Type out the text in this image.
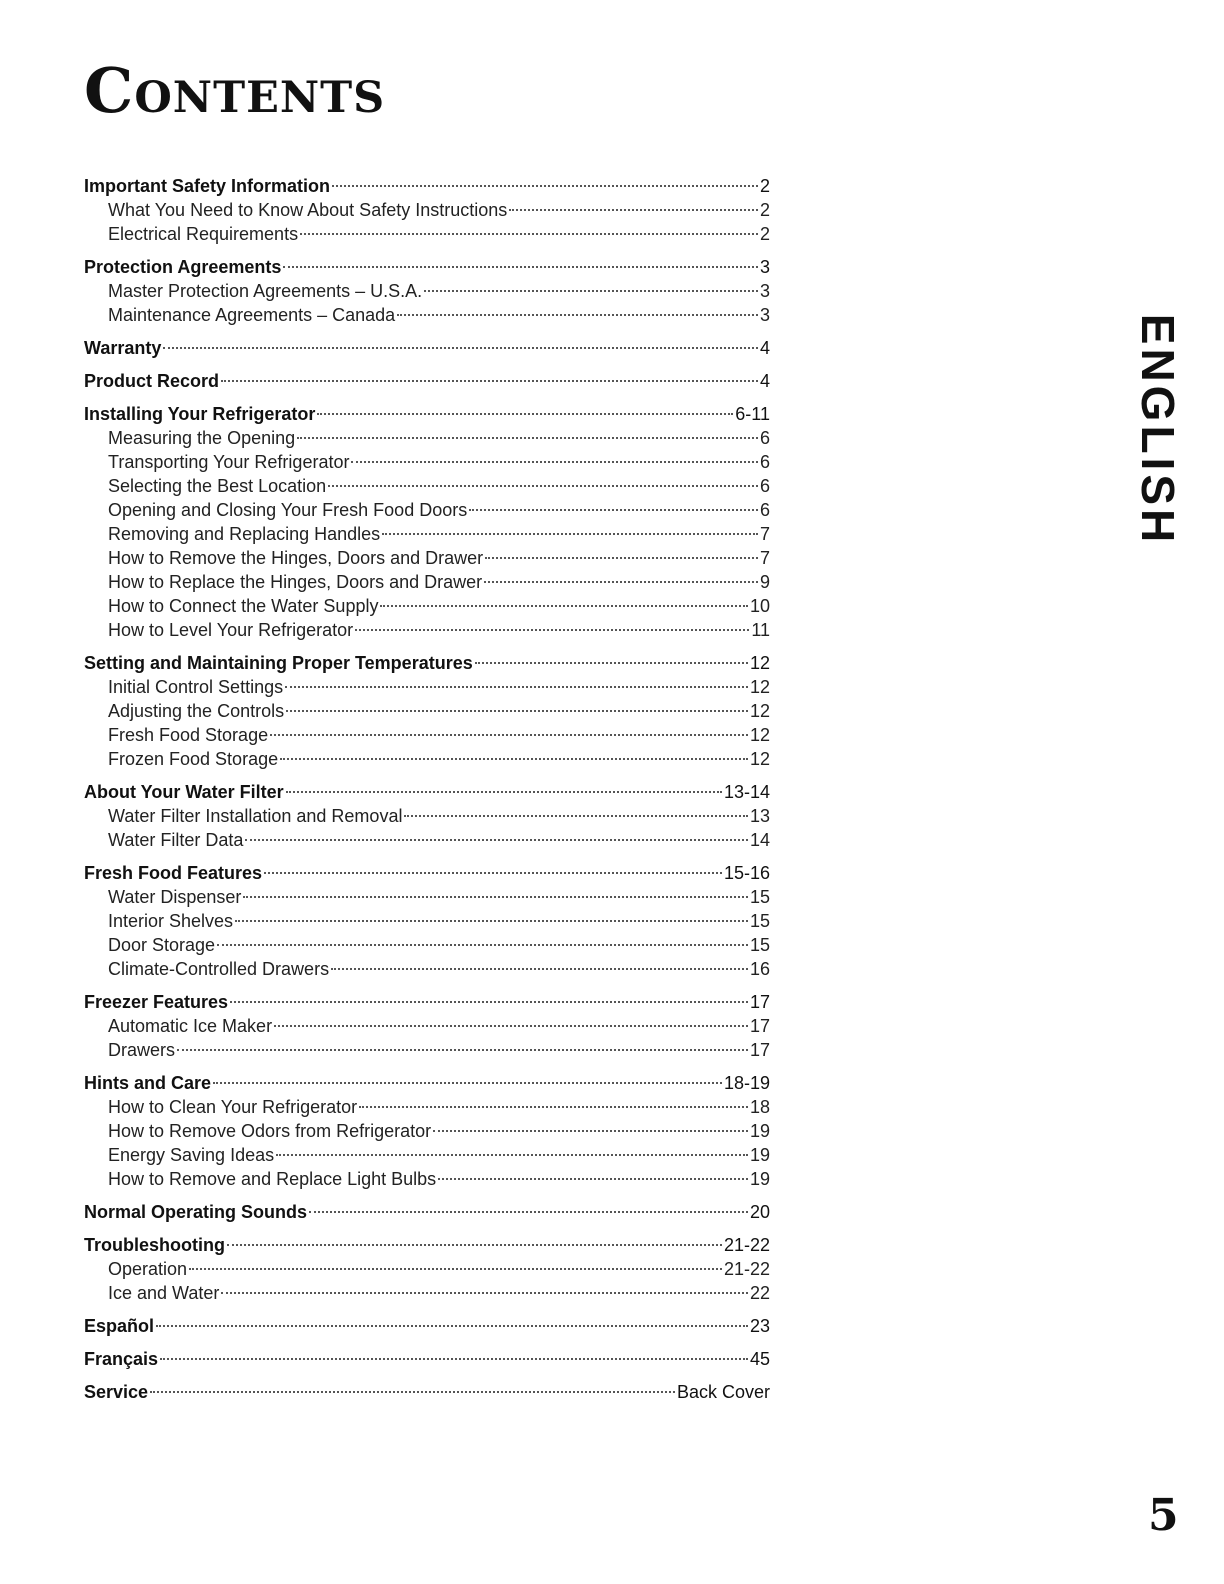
Contents
Important Safety Information	2
What You Need to Know About Safety Instructions	2
Electrical Requirements	2
Protection Agreements	3
Master Protection Agreements – U.S.A.	3
Maintenance Agreements – Canada	3
Warranty	4
Product Record	4
Installing Your Refrigerator	6-11
Measuring the Opening	6
Transporting Your Refrigerator	6
Selecting the Best Location	6
Opening and Closing Your Fresh Food Doors	6
Removing and Replacing Handles	7
How to Remove the Hinges, Doors and Drawer	7
How to Replace the Hinges, Doors and Drawer	9
How to Connect the Water Supply	10
How to Level Your Refrigerator	11
Setting and Maintaining Proper Temperatures	12
Initial Control Settings	12
Adjusting the Controls	12
Fresh Food Storage	12
Frozen Food Storage	12
About Your Water Filter	13-14
Water Filter Installation and Removal	13
Water Filter Data	14
Fresh Food Features	15-16
Water Dispenser	15
Interior Shelves	15
Door Storage	15
Climate-Controlled Drawers	16
Freezer Features	17
Automatic Ice Maker	17
Drawers	17
Hints and Care	18-19
How to Clean Your Refrigerator	18
How to Remove Odors from Refrigerator	19
Energy Saving Ideas	19
How to Remove and Replace Light Bulbs	19
Normal Operating Sounds	20
Troubleshooting	21-22
Operation	21-22
Ice and Water	22
Español	23
Français	45
Service	Back Cover
ENGLISH
5
